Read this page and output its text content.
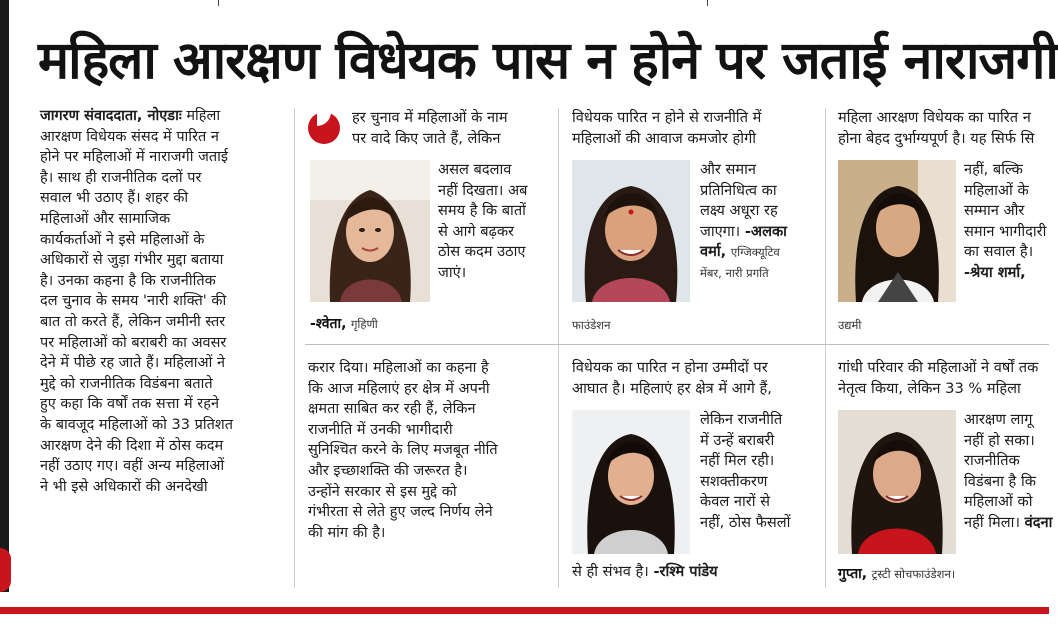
महिला आरक्षण विधेयक पास न होने पर जताई नाराजगी
जागरण संवाददाता, नोएडाः महिला
आरक्षण विधेयक संसद में पारित न
होने पर महिलाओं में नाराजगी जताई
है। साथ ही राजनीतिक दलों पर
सवाल भी उठाए हैं। शहर की
महिलाओं और सामाजिक
कार्यकर्ताओं ने इसे महिलाओं के
अधिकारों से जुड़ा गंभीर मुद्दा बताया
है। उनका कहना है कि राजनीतिक
दल चुनाव के समय 'नारी शक्ति' की
बात तो करते हैं, लेकिन जमीनी स्तर
पर महिलाओं को बराबरी का अवसर
देने में पीछे रह जाते हैं। महिलाओं ने
मुद्दे को राजनीतिक विडंबना बताते
हुए कहा कि वर्षों तक सत्ता में रहने
के बावजूद महिलाओं को 33 प्रतिशत
आरक्षण देने की दिशा में ठोस कदम
नहीं उठाए गए। वहीं अन्य महिलाओं
ने भी इसे अधिकारों की अनदेखी
हर चुनाव में महिलाओं के नाम
पर वादे किए जाते हैं, लेकिन
असल बदलाव
नहीं दिखता। अब
समय है कि बातों
से आगे बढ़कर
ठोस कदम उठाए
जाएं।
-श्वेता, गृहिणी
विधेयक पारित न होने से राजनीति में
महिलाओं की आवाज कमजोर होगी
और समान
प्रतिनिधित्व का
लक्ष्य अधूरा रह
जाएगा। -अलका
वर्मा, एग्जिक्यूटिव
मेंबर, नारी प्रगति
फाउंडेशन
महिला आरक्षण विधेयक का पारित न
होना बेहद दुर्भाग्यपूर्ण है। यह सिर्फ सि
नहीं, बल्कि
महिलाओं के
सम्मान और
समान भागीदारी
का सवाल है।
-श्रेया शर्मा,
उद्यमी
करार दिया। महिलाओं का कहना है
कि आज महिलाएं हर क्षेत्र में अपनी
क्षमता साबित कर रही हैं, लेकिन
राजनीति में उनकी भागीदारी
सुनिश्चित करने के लिए मजबूत नीति
और इच्छाशक्ति की जरूरत है।
उन्होंने सरकार से इस मुद्दे को
गंभीरता से लेते हुए जल्द निर्णय लेने
की मांग की है।
विधेयक का पारित न होना उम्मीदों पर
आघात है। महिलाएं हर क्षेत्र में आगे हैं,
लेकिन राजनीति
में उन्हें बराबरी
नहीं मिल रही।
सशक्तीकरण
केवल नारों से
नहीं, ठोस फैसलों
से ही संभव है। -रश्मि पांडेय
गांधी परिवार की महिलाओं ने वर्षों तक
नेतृत्व किया, लेकिन 33 % महिला
आरक्षण लागू
नहीं हो सका।
राजनीतिक
विडंबना है कि
महिलाओं को
नहीं मिला। वंदना
गुप्ता, ट्रस्टी सोचफाउंडेशन।
